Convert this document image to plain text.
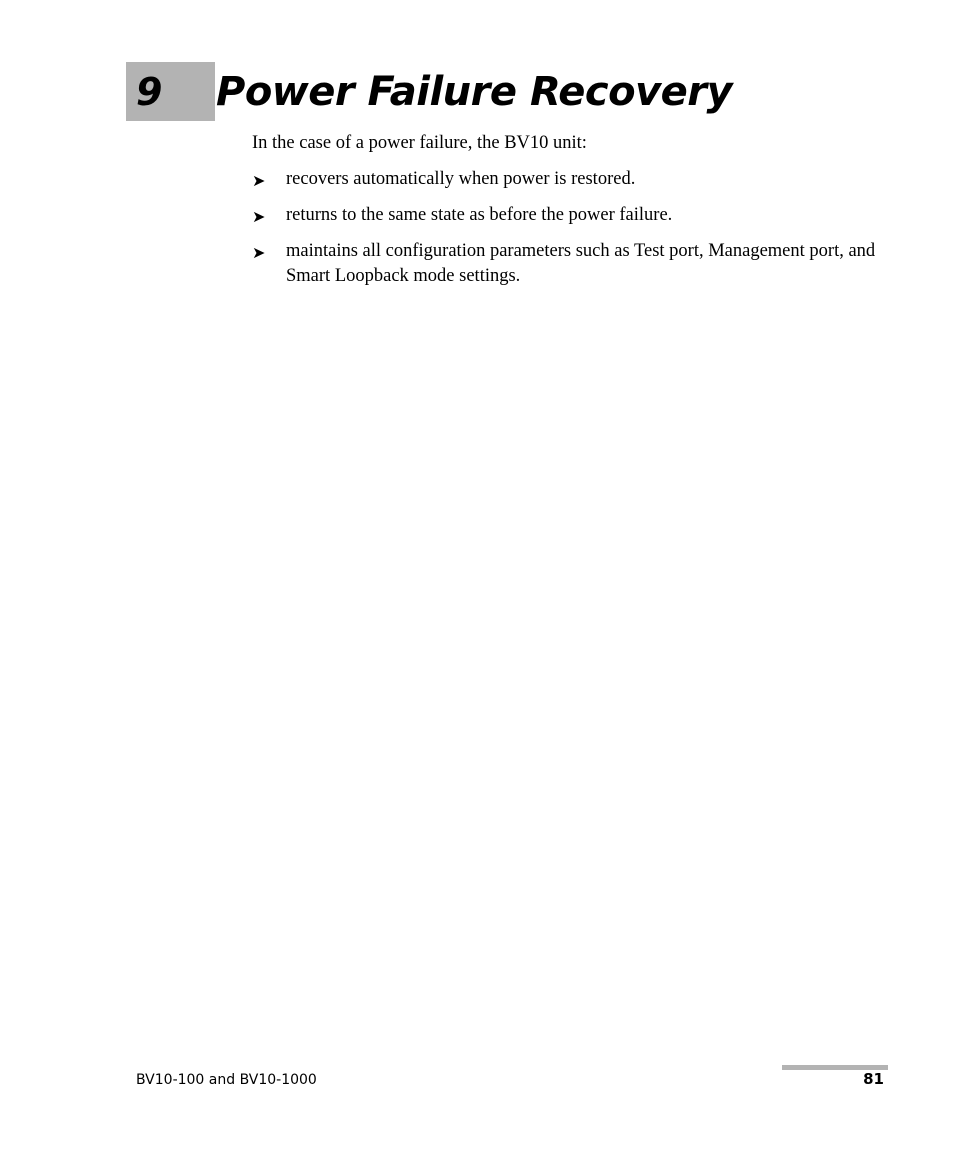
9 Power Failure Recovery

In the case of a power failure, the BV10 unit:

➤ recovers automatically when power is restored.
➤ returns to the same state as before the power failure.
➤ maintains all configuration parameters such as Test port, Management port, and Smart Loopback mode settings.
BV10-100 and BV10-1000	81
